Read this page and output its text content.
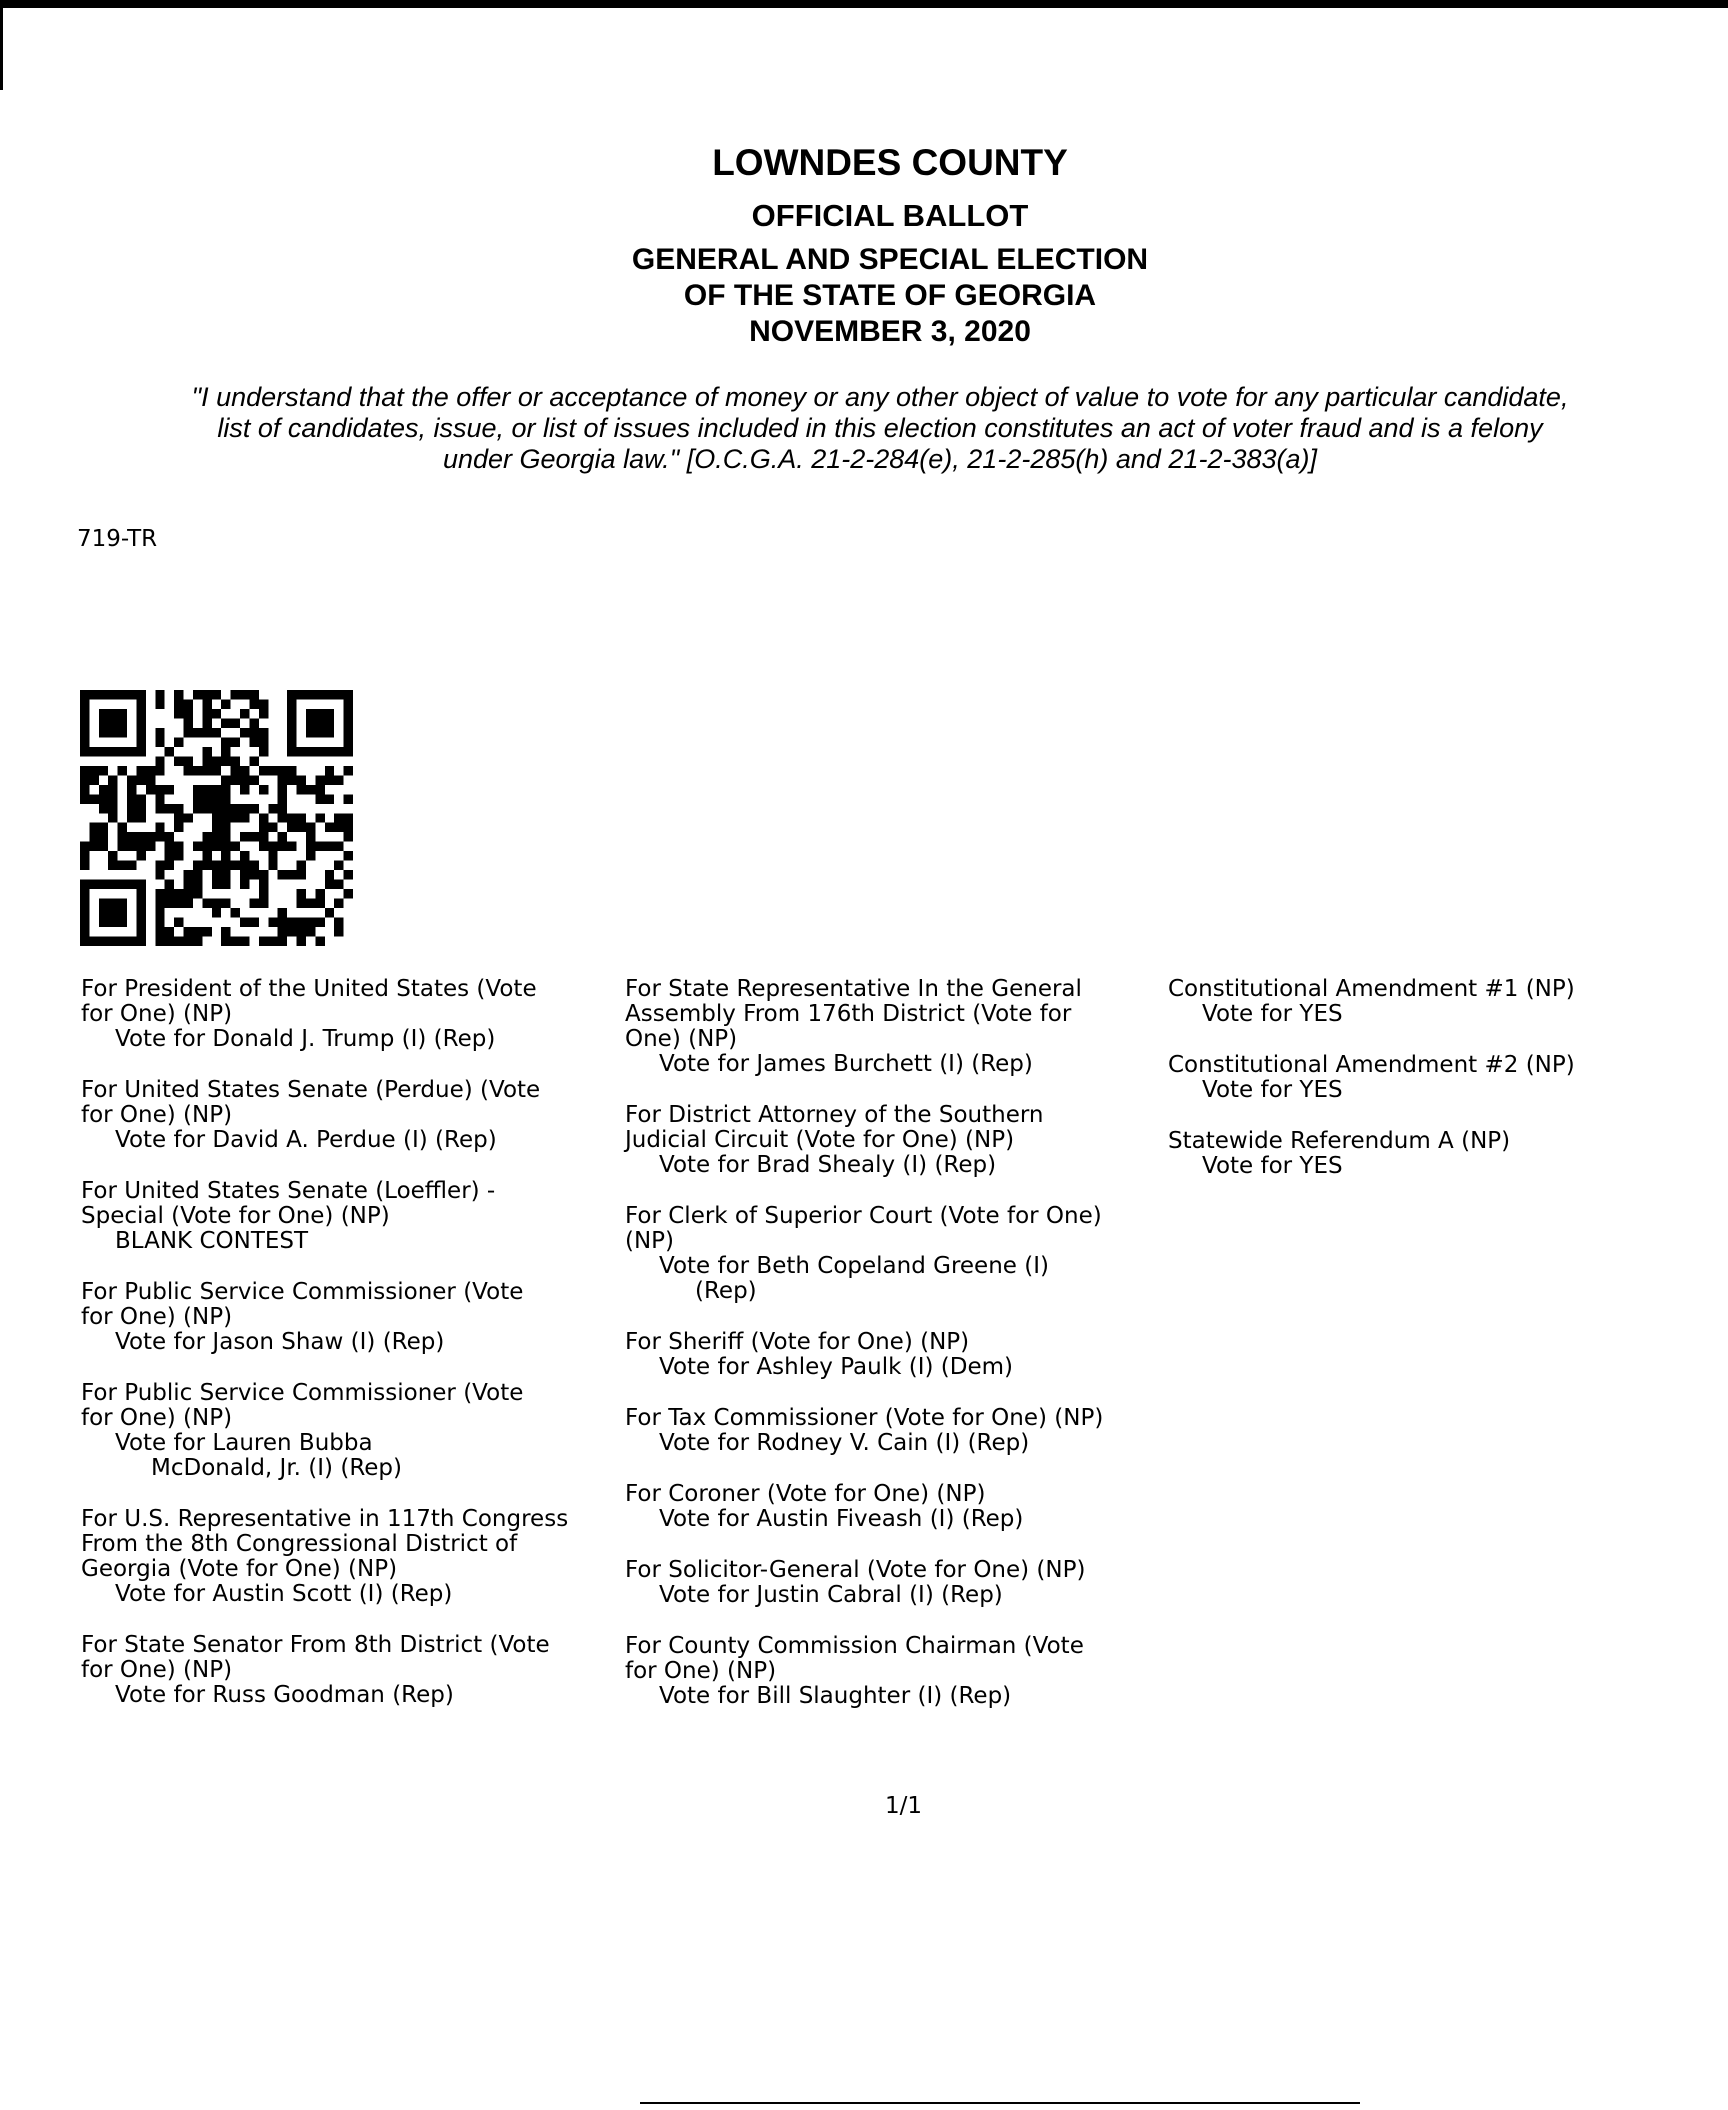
LOWNDES COUNTY
OFFICIAL BALLOT
GENERAL AND SPECIAL ELECTION
OF THE STATE OF GEORGIA
NOVEMBER 3, 2020
"I understand that the offer or acceptance of money or any other object of value to vote for any particular candidate,
list of candidates, issue, or list of issues included in this election constitutes an act of voter fraud and is a felony
under Georgia law." [O.C.G.A. 21-2-284(e), 21-2-285(h) and 21-2-383(a)]
719-TR
For President of the United States (Vote
for One) (NP)
Vote for Donald J. Trump (I) (Rep)
For United States Senate (Perdue) (Vote
for One) (NP)
Vote for David A. Perdue (I) (Rep)
For United States Senate (Loeffler) -
Special (Vote for One) (NP)
BLANK CONTEST
For Public Service Commissioner (Vote
for One) (NP)
Vote for Jason Shaw (I) (Rep)
For Public Service Commissioner (Vote
for One) (NP)
Vote for Lauren Bubba
McDonald, Jr. (I) (Rep)
For U.S. Representative in 117th Congress
From the 8th Congressional District of
Georgia (Vote for One) (NP)
Vote for Austin Scott (I) (Rep)
For State Senator From 8th District (Vote
for One) (NP)
Vote for Russ Goodman (Rep)
For State Representative In the General
Assembly From 176th District (Vote for
One) (NP)
Vote for James Burchett (I) (Rep)
For District Attorney of the Southern
Judicial Circuit (Vote for One) (NP)
Vote for Brad Shealy (I) (Rep)
For Clerk of Superior Court (Vote for One)
(NP)
Vote for Beth Copeland Greene (I)
(Rep)
For Sheriff (Vote for One) (NP)
Vote for Ashley Paulk (I) (Dem)
For Tax Commissioner (Vote for One) (NP)
Vote for Rodney V. Cain (I) (Rep)
For Coroner (Vote for One) (NP)
Vote for Austin Fiveash (I) (Rep)
For Solicitor-General (Vote for One) (NP)
Vote for Justin Cabral (I) (Rep)
For County Commission Chairman (Vote
for One) (NP)
Vote for Bill Slaughter (I) (Rep)
Constitutional Amendment #1 (NP)
Vote for YES
Constitutional Amendment #2 (NP)
Vote for YES
Statewide Referendum A (NP)
Vote for YES
1/1
